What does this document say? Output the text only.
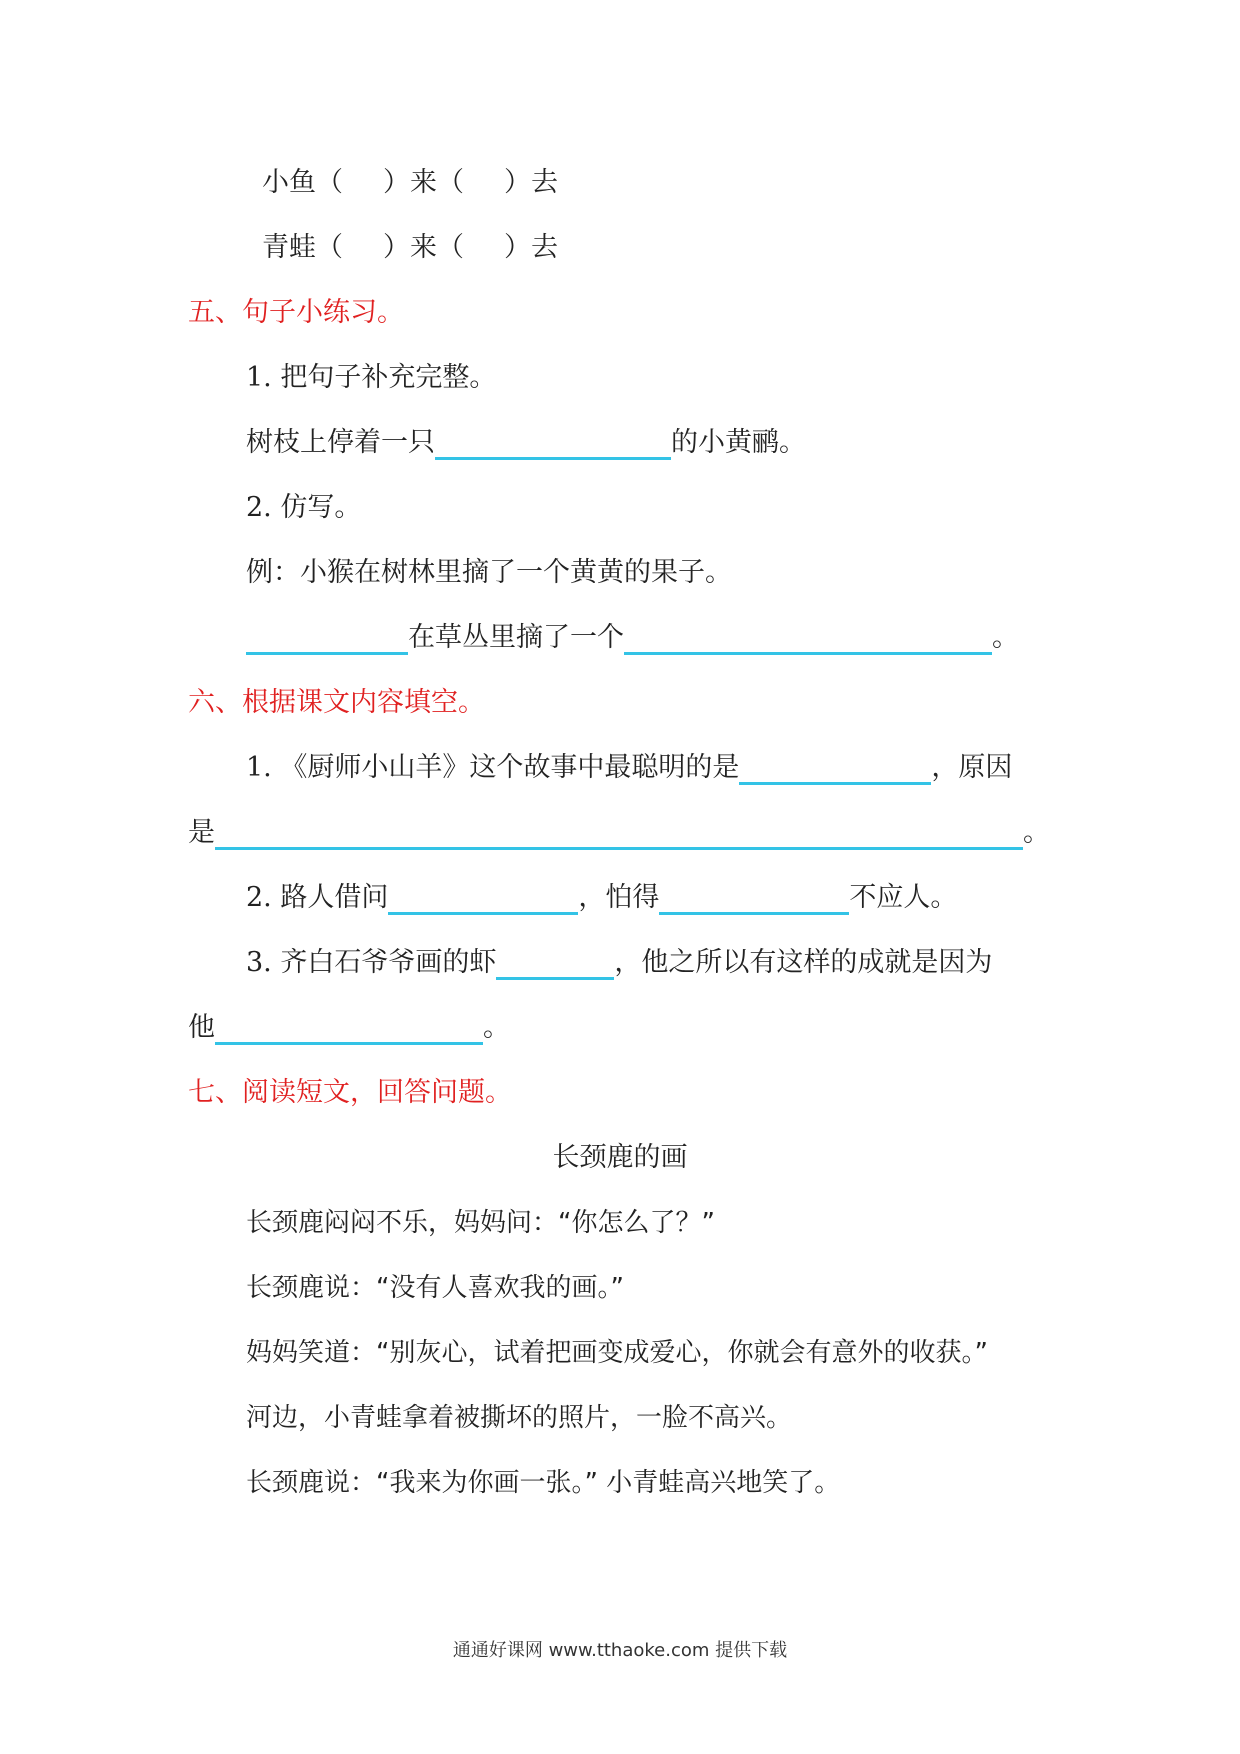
小鱼（ ）来（ ）去
青蛙（ ）来（ ）去
五、句子小练习。
1. 把句子补充完整。
树枝上停着一只	的小黄鹂。
2. 仿写。
例：小猴在树林里摘了一个黄黄的果子。
在草丛里摘了一个	。
六、根据课文内容填空。
1. 《厨师小山羊》这个故事中最聪明的是	，原因
是	。
2. 路人借问	，怕得	不应人。
3. 齐白石爷爷画的虾	，他之所以有这样的成就是因为
他	。
七、阅读短文，回答问题。
长颈鹿的画
长颈鹿闷闷不乐，妈妈问：“你怎么了？”
长颈鹿说：“没有人喜欢我的画。”
妈妈笑道：“别灰心，试着把画变成爱心，你就会有意外的收获。”
河边，小青蛙拿着被撕坏的照片，一脸不高兴。
长颈鹿说：“我来为你画一张。” 小青蛙高兴地笑了。
通通好课网 www.tthaoke.com 提供下载
